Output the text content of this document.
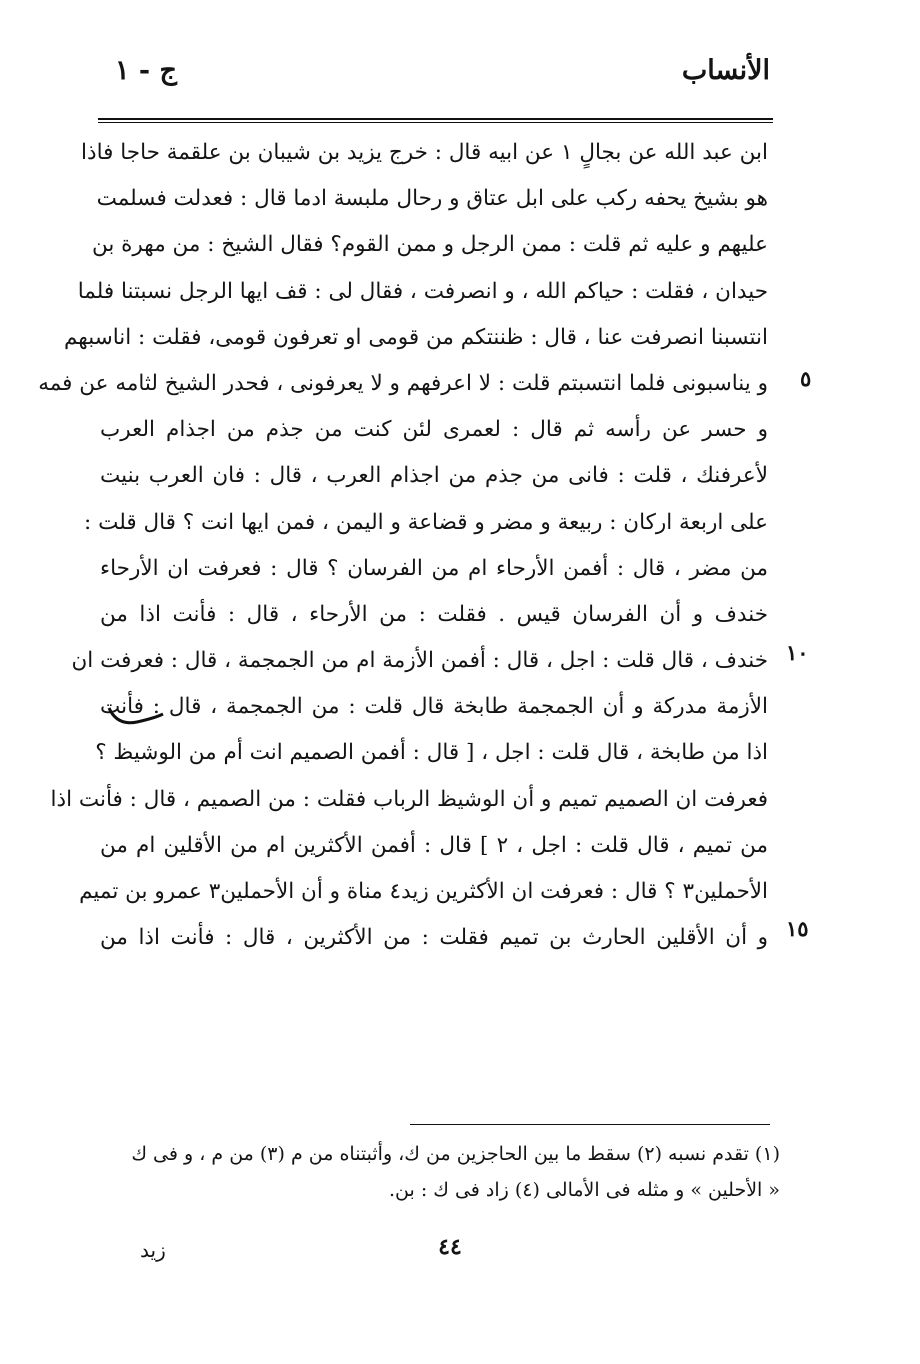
الأنساب
ج - ١
ابن عبد الله عن بجالٍ ١ عن ابيه قال : خرج يزيد بن شيبان بن علقمة حاجا فاذا
هو بشيخ يحفه ركب على ابل عتاق و رحال ملبسة ادما قال : فعدلت فسلمت
عليهم و عليه ثم قلت : ممن الرجل و ممن القوم؟ فقال الشيخ : من مهرة بن
حيدان ، فقلت : حياكم الله ، و انصرفت ، فقال لى : قف ايها الرجل نسبتنا فلما
انتسبنا انصرفت عنا ، قال : ظننتكم من قومى او تعرفون قومى، فقلت : اناسبهم
و يناسبونى فلما انتسبتم قلت : لا اعرفهم و لا يعرفونى ، فحدر الشيخ لثامه عن فمه
و حسر عن رأسه ثم قال : لعمرى لئن كنت من جذم من اجذام العرب
لأعرفنك ، قلت : فانى من جذم من اجذام العرب ، قال : فان العرب بنيت
على اربعة اركان : ربيعة و مضر و قضاعة و اليمن ، فمن ايها انت ؟ قال قلت :
من مضر ، قال : أفمن الأرحاء ام من الفرسان ؟ قال : فعرفت ان الأرحاء
خندف و أن الفرسان قيس . فقلت : من الأرحاء ، قال : فأنت اذا من
خندف ، قال قلت : اجل ، قال : أفمن الأزمة ام من الجمجمة ، قال : فعرفت ان
الأزمة مدركة و أن الجمجمة طابخة قال قلت : من الجمجمة ، قال : فأنت
اذا من طابخة ، قال قلت : اجل ، [ قال : أفمن الصميم انت أم من الوشيظ ؟
فعرفت ان الصميم تميم و أن الوشيظ الرباب فقلت : من الصميم ، قال : فأنت اذا
من تميم ، قال قلت : اجل ، ٢ ] قال : أفمن الأكثرين ام من الأقلين ام من
الأحملين٣ ؟ قال : فعرفت ان الأكثرين زيد٤ مناة و أن الأحملين٣ عمرو بن تميم
و أن الأقلين الحارث بن تميم فقلت : من الأكثرين ، قال : فأنت اذا من
٥
١٠
١٥
(١) تقدم نسبه (٢) سقط ما بين الحاجزين من ك، وأثبتناه من م (٣) من م ، و فى ك
« الأحلين » و مثله فى الأمالى (٤) زاد فى ك : بن.
٤٤
زيد
